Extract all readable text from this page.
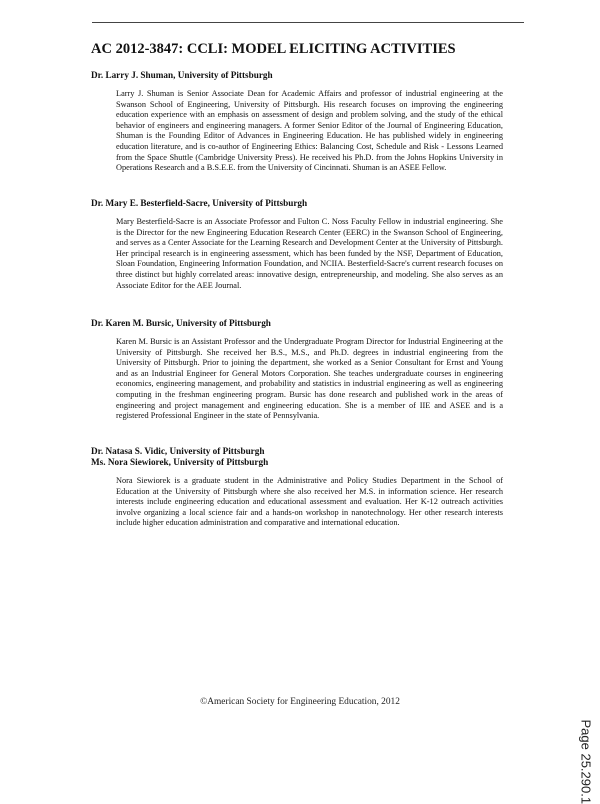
AC 2012-3847: CCLI: MODEL ELICITING ACTIVITIES

Dr. Larry J. Shuman, University of Pittsburgh

Larry J. Shuman is Senior Associate Dean for Academic Affairs and professor of industrial engineering at the Swanson School of Engineering, University of Pittsburgh. His research focuses on improving the engineering education experience with an emphasis on assessment of design and problem solving, and the study of the ethical behavior of engineers and engineering managers. A former Senior Editor of the Journal of Engineering Education, Shuman is the Founding Editor of Advances in Engineering Education. He has published widely in engineering education literature, and is co-author of Engineering Ethics: Balancing Cost, Schedule and Risk - Lessons Learned from the Space Shuttle (Cambridge University Press). He received his Ph.D. from the Johns Hopkins University in Operations Research and a B.S.E.E. from the University of Cincinnati. Shuman is an ASEE Fellow.

Dr. Mary E. Besterfield-Sacre, University of Pittsburgh

Mary Besterfield-Sacre is an Associate Professor and Fulton C. Noss Faculty Fellow in industrial engineering. She is the Director for the new Engineering Education Research Center (EERC) in the Swanson School of Engineering, and serves as a Center Associate for the Learning Research and Development Center at the University of Pittsburgh. Her principal research is in engineering assessment, which has been funded by the NSF, Department of Education, Sloan Foundation, Engineering Information Foundation, and NCIIA. Besterfield-Sacre's current research focuses on three distinct but highly correlated areas: innovative design, entrepreneurship, and modeling. She also serves as an Associate Editor for the AEE Journal.

Dr. Karen M. Bursic, University of Pittsburgh

Karen M. Bursic is an Assistant Professor and the Undergraduate Program Director for Industrial Engineering at the University of Pittsburgh. She received her B.S., M.S., and Ph.D. degrees in industrial engineering from the University of Pittsburgh. Prior to joining the department, she worked as a Senior Consultant for Ernst and Young and as an Industrial Engineer for General Motors Corporation. She teaches undergraduate courses in engineering economics, engineering management, and probability and statistics in industrial engineering as well as engineering computing in the freshman engineering program. Bursic has done research and published work in the areas of engineering and project management and engineering education. She is a member of IIE and ASEE and is a registered Professional Engineer in the state of Pennsylvania.

Dr. Natasa S. Vidic, University of Pittsburgh

Ms. Nora Siewiorek, University of Pittsburgh

Nora Siewiorek is a graduate student in the Administrative and Policy Studies Department in the School of Education at the University of Pittsburgh where she also received her M.S. in information science. Her research interests include engineering education and educational assessment and evaluation. Her K-12 outreach activities involve organizing a local science fair and a hands-on workshop in nanotechnology. Her other research interests include higher education administration and comparative and international education.

©American Society for Engineering Education, 2012
Page 25.290.1
